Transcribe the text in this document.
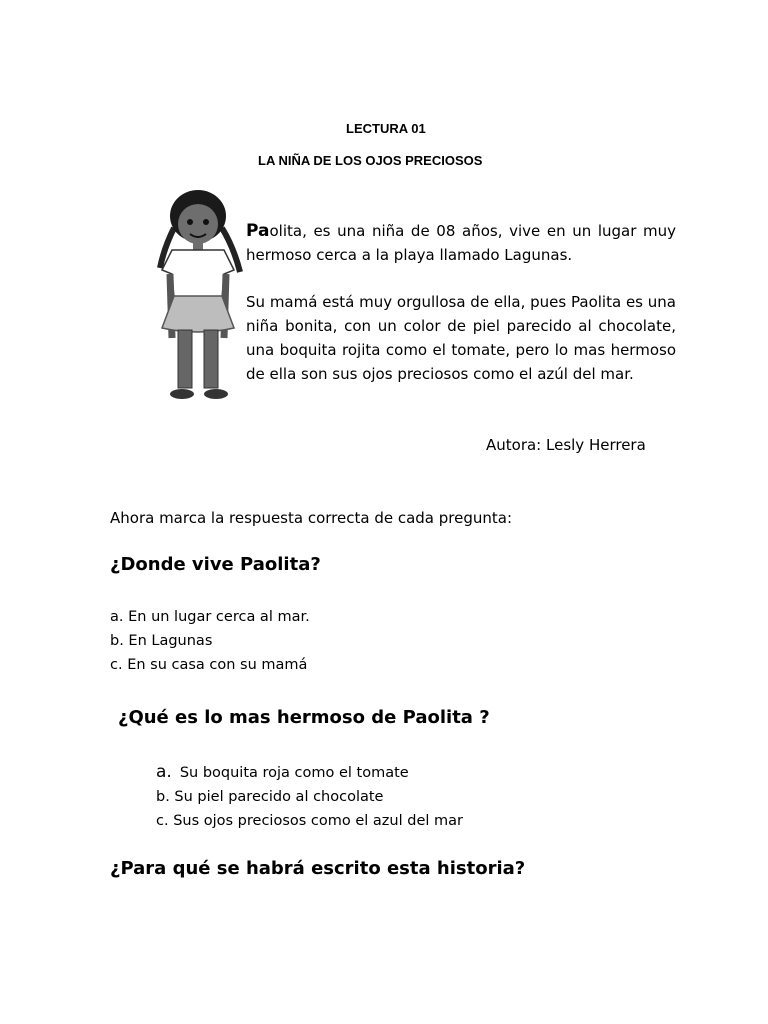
LECTURA 01
LA NIÑA DE LOS OJOS PRECIOSOS
Paolita, es una niña de 08 años, vive en un lugar muy hermoso cerca a la playa llamado Lagunas.
Su mamá está muy orgullosa de ella, pues Paolita es una niña bonita, con un color de piel parecido al chocolate, una boquita rojita como el tomate, pero lo mas hermoso de ella son sus ojos preciosos como el azúl del mar.
Autora: Lesly Herrera
Ahora marca la respuesta correcta de cada pregunta:
¿Donde vive Paolita?
a. En un lugar cerca al mar.
b. En Lagunas
c. En su casa con su mamá
¿Qué es lo mas hermoso de Paolita ?
a. Su boquita roja como el tomate
b. Su piel parecido al chocolate
c. Sus ojos preciosos como el azul del mar
¿Para qué se habrá escrito esta historia?
